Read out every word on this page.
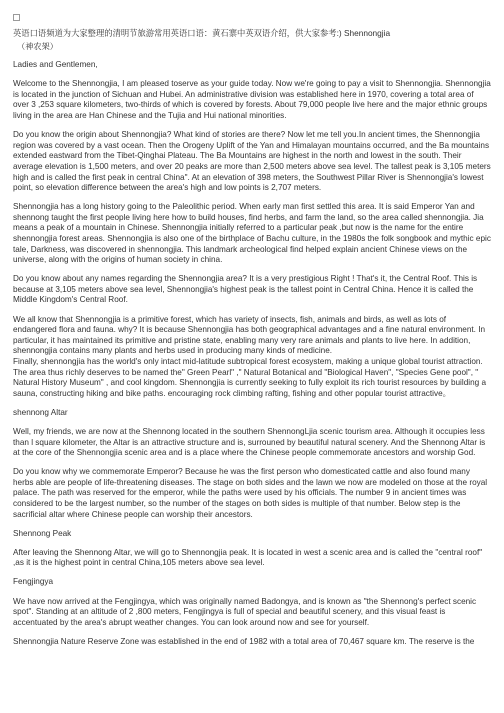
英语口语频道为大家整理的清明节旅游常用英语口语：黄石寨中英双语介绍，供大家参考:) Shennongjia

（神农架）

Ladies and Gentlemen,

Welcome to the Shennongjia, I am pleased toserve as your guide today. Now we're going to pay a visit to Shennongjia. Shennongjia is located in the junction of Sichuan and Hubei. An administrative division was established here in 1970, covering a total area of over 3 ,253 square kilometers, two-thirds of which is covered by forests. About 79,000 people live here and the major ethnic groups living in the area are Han Chinese and the Tujia and Hui national minorities.

Do you know the origin about Shennongjia? What kind of stories are there? Now let me tell you.In ancient times, the Shennongjia region was covered by a vast ocean. Then the Orogeny Uplift of the Yan and Himalayan mountains occurred, and the Ba mountains extended eastward from the Tibet-Qinghai Plateau. The Ba Mountains are highest in the north and lowest in the south. Their average elevation is 1,500 meters, and over 20 peaks are more than 2,500 meters above sea level. The tallest peak is 3,105 meters high and is called the first peak in central China". At an elevation of 398 meters, the Southwest Pillar River is Shennongjia's lowest point, so elevation difference between the area's high and low points is 2,707 meters.

Shennongjia has a long history going to the Paleolithic period. When early man first settled this area. It is said Emperor Yan and shennong taught the first people living here how to build houses, find herbs, and farm the land, so the area called shennongjia. Jia means a peak of a mountain in Chinese. Shennongjia initially referred to a particular peak ,but now is the name for the entire shennongjia forest areas. Shennongjia is also one of the birthplace of Bachu culture, in the 1980s the folk songbook and mythic epic tale, Darkness, was discovered in shennongjia. This landmark archeological find helped explain ancient Chinese views on the universe, along with the origins of human society in china.

Do you know about any names regarding the Shennongjia area? It is a very prestigious Right ! That's it, the Central Roof. This is because at 3,105 meters above sea level, Shennongjia's highest peak is the tallest point in Central China. Hence it is called the Middle Kingdom's Central Roof.

We all know that Shennongjia is a primitive forest, which has variety of insects, fish, animals and birds, as well as lots of endangered flora and fauna. why? It is because Shennongjia has both geographical advantages and a fine natural environment. In particular, it has maintained its primitive and pristine state, enabling many very rare animals and plants to live here. In addition, shennongjia contains many plants and herbs used in producing many kinds of medicine.
Finally, shennongjia has the world's only intact mid-latitude subtropical forest ecosystem, making a unique global tourist attraction. The area thus richly deserves to be named the" Green Pearl" ," Natural Botanical and "Biological Haven", "Species Gene pool", " Natural History Museum" , and cool kingdom. Shennongjia is currently seeking to fully exploit its rich tourist resources by building a sauna, constructing hiking and bike paths. encouraging rock climbing rafting, fishing and other popular tourist attractive。

shennong Altar

Well, my friends, we are now at the Shennong located in the southern ShennongLjia scenic tourism area. Although it occupies less than l square kilometer, the Altar is an attractive structure and is, surrouned by beautiful natural scenery. And the Shennong Altar is at the core of the Shennongjia scenic area and is a place where the Chinese people commemorate ancestors and worship God.

Do you know why we commemorate Emperor? Because he was the first person who domesticated cattle and also found many herbs able are people of life-threatening diseases. The stage on both sides and the lawn we now are modeled on those at the royal palace. The path was reserved for the emperor, while the paths were used by his officials. The number 9 in ancient times was considered to be the largest number, so the number of the stages on both sides is multiple of that number. Below step is the sacrificial altar where Chinese people can worship their ancestors.

Shennong Peak

After leaving the Shennong Altar, we will go to Shennongjia peak. It is located in west a scenic area and is called the "central roof" ,as it is the highest point in central China,105 meters above sea level.

Fengjingya

We have now arrived at the Fengjingya, which was originally named Badongya, and is known as "the Shennong's perfect scenic spot". Standing at an altitude of 2 ,800 meters, Fengjingya is full of special and beautiful scenery, and this visual feast is accentuated by the area's abrupt weather changes. You can look around now and see for yourself.

Shennongjia Nature Reserve Zone was established in the end of 1982 with a total area of 70,467 square km. The reserve is the
